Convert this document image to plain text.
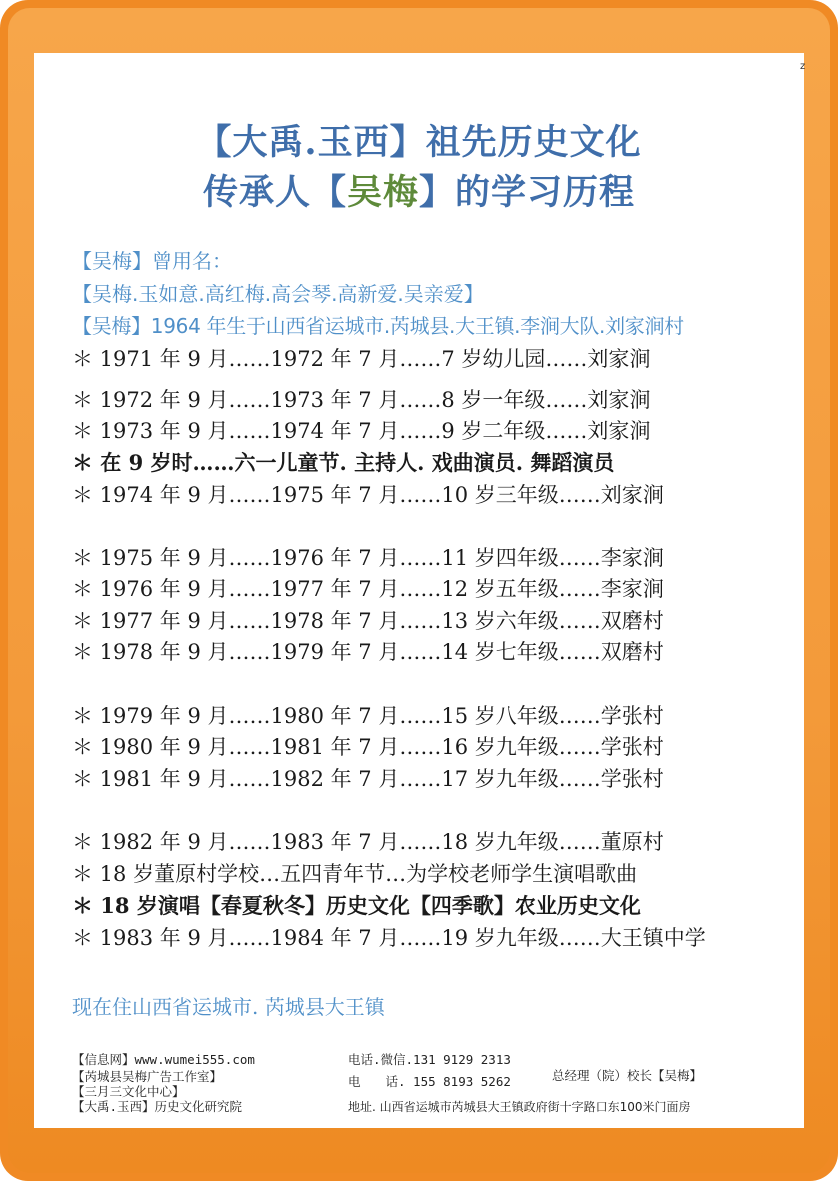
z
【大禹.玉西】祖先历史文化
传承人【吴梅】的学习历程
【吴梅】曾用名：
【吴梅.玉如意.高红梅.高会琴.高新爱.吴亲爱】
【吴梅】1964 年生于山西省运城市.芮城县.大王镇.李涧大队.刘家涧村
＊ 1971 年 9 月……1972 年 7 月……7 岁幼儿园……刘家涧
＊ 1972 年 9 月……1973 年 7 月……8 岁一年级……刘家涧
＊ 1973 年 9 月……1974 年 7 月……9 岁二年级……刘家涧
＊ 在 9 岁时……六一儿童节. 主持人. 戏曲演员. 舞蹈演员
＊ 1974 年 9 月……1975 年 7 月……10 岁三年级……刘家涧
＊ 1975 年 9 月……1976 年 7 月……11 岁四年级……李家涧
＊ 1976 年 9 月……1977 年 7 月……12 岁五年级……李家涧
＊ 1977 年 9 月……1978 年 7 月……13 岁六年级……双磨村
＊ 1978 年 9 月……1979 年 7 月……14 岁七年级……双磨村
＊ 1979 年 9 月……1980 年 7 月……15 岁八年级……学张村
＊ 1980 年 9 月……1981 年 7 月……16 岁九年级……学张村
＊ 1981 年 9 月……1982 年 7 月……17 岁九年级……学张村
＊ 1982 年 9 月……1983 年 7 月……18 岁九年级……董原村
＊ 18 岁董原村学校…五四青年节…为学校老师学生演唱歌曲
＊ 18 岁演唱【春夏秋冬】历史文化【四季歌】农业历史文化
＊ 1983 年 9 月……1984 年 7 月……19 岁九年级……大王镇中学
现在住山西省运城市. 芮城县大王镇
【信息网】www.wumei555.com
【芮城县吴梅广告工作室】
【三月三文化中心】
【大禹.玉西】历史文化研究院
电话.微信.131 9129 2313
电　　话. 155 8193 5262	总经理（院）校长【吴梅】
地址. 山西省运城市芮城县大王镇政府街十字路口东100米门面房
